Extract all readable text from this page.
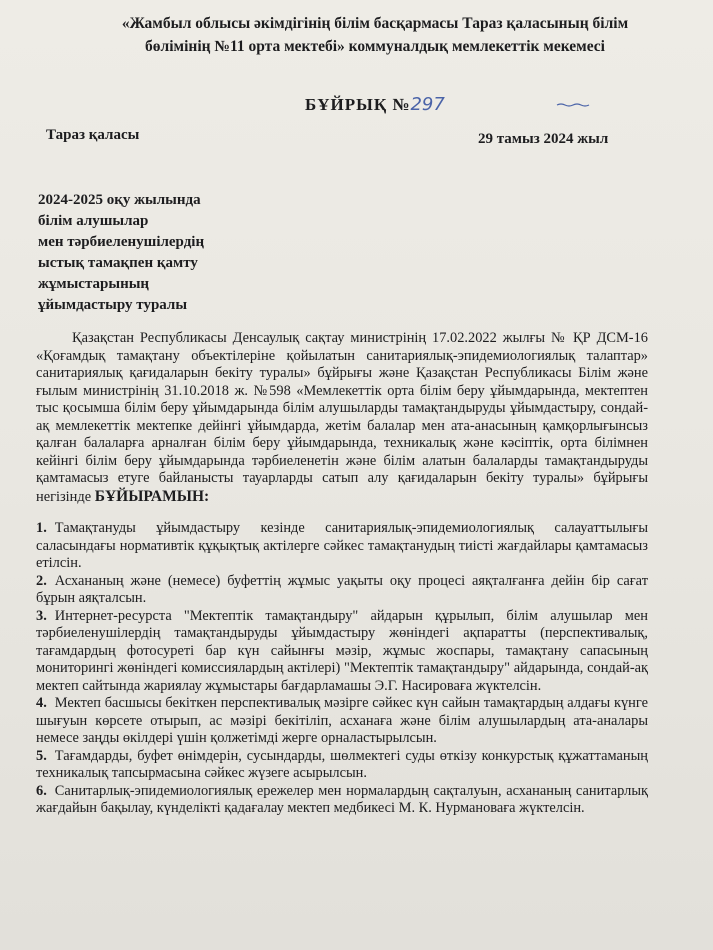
«Жамбыл облысы әкімдігінің білім басқармасы Тараз қаласының білім
бөлімінің №11 орта мектебі» коммуналдық мемлекеттік мекемесі
БҰЙРЫҚ №297
Тараз қаласы	29 тамыз 2024 жыл
2024-2025 оқу жылында
білім алушылар
мен тәрбиеленушілердің
ыстық тамақпен қамту
жұмыстарының
ұйымдастыру туралы

Қазақстан Республикасы Денсаулық сақтау министрінің 17.02.2022 жылғы № ҚР ДСМ-16 «Қоғамдық тамақтану объектілеріне қойылатын санитариялық-эпидемиологиялық талаптар» санитариялық қағидаларын бекіту туралы» бұйрығы және Қазақстан Республикасы Білім және ғылым министрінің 31.10.2018 ж. №598 «Мемлекеттік орта білім беру ұйымдарында, мектептен тыс қосымша білім беру ұйымдарында білім алушыларды тамақтандыруды ұйымдастыру, сондай-ақ мемлекеттік мектепке дейінгі ұйымдарда, жетім балалар мен ата-анасының қамқорлығынсыз қалған балаларға арналған білім беру ұйымдарында, техникалық және кәсіптік, орта білімнен кейінгі білім беру ұйымдарында тәрбиеленетін және білім алатын балаларды тамақтандыруды қамтамасыз етуге байланысты тауарларды сатып алу қағидаларын бекіту туралы» бұйрығы негізінде БҰЙЫРАМЫН:

1. Тамақтануды ұйымдастыру кезінде санитариялық-эпидемиологиялық салауаттылығы саласындағы нормативтік құқықтық актілерге сәйкес тамақтанудың тиісті жағдайлары қамтамасыз етілсін.

2. Асхананың және (немесе) буфеттің жұмыс уақыты оқу процесі аяқталғанға дейін бір сағат бұрын аяқталсын.

3. Интернет-ресурста "Мектептік тамақтандыру" айдарын құрылып, білім алушылар мен тәрбиеленушілердің тамақтандыруды ұйымдастыру жөніндегі ақпаратты (перспективалық, тағамдардың фотосуреті бар күн сайынғы мәзір, жұмыс жоспары, тамақтану сапасының мониторингі жөніндегі комиссиялардың актілері) "Мектептік тамақтандыру" айдарында, сондай-ақ мектеп сайтында жариялау жұмыстары бағдарламашы Э.Г. Насироваға жүктелсін.

4. Мектеп басшысы бекіткен перспективалық мәзірге сәйкес күн сайын тамақтардың алдағы күнге шығуын көрсете отырып, ас мәзірі бекітіліп, асханаға және білім алушылардың ата-аналары немесе заңды өкілдері үшін қолжетімді жерге орналастырылсын.

5. Тағамдарды, буфет өнімдерін, сусындарды, шөлмектегі суды өткізу конкурстық құжаттаманың техникалық тапсырмасына сәйкес жүзеге асырылсын.

6. Санитарлық-эпидемиологиялық ережелер мен нормалардың сақталуын, асхананың санитарлық жағдайын бақылау, күнделікті қадағалау мектеп медбикесі М. К. Нурмановаға жүктелсін.
